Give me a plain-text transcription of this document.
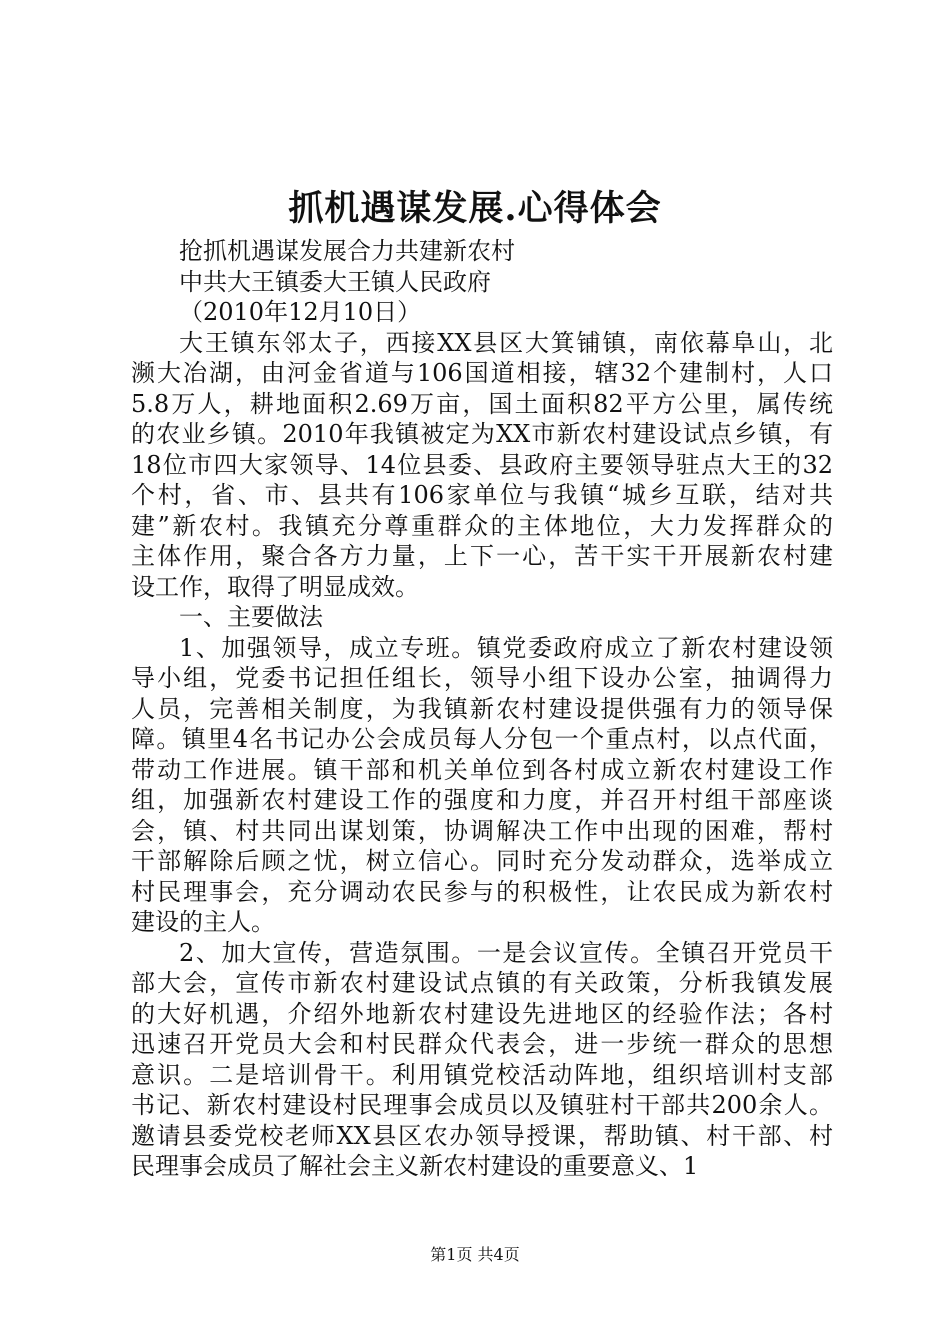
抓机遇谋发展.心得体会
抢抓机遇谋发展合力共建新农村
中共大王镇委大王镇人民政府
（2010年12月10日）
大王镇东邻太子，西接XX县区大箕铺镇，南依幕阜山，北
濒大冶湖，由河金省道与106国道相接，辖32个建制村，人口
5.8万人，耕地面积2.69万亩，国土面积82平方公里，属传统
的农业乡镇。2010年我镇被定为XX市新农村建设试点乡镇，有
18位市四大家领导、14位县委、县政府主要领导驻点大王的32
个村，省、市、县共有106家单位与我镇“城乡互联，结对共
建”新农村。我镇充分尊重群众的主体地位，大力发挥群众的
主体作用，聚合各方力量，上下一心，苦干实干开展新农村建
设工作，取得了明显成效。
一、主要做法
1、加强领导，成立专班。镇党委政府成立了新农村建设领
导小组，党委书记担任组长，领导小组下设办公室，抽调得力
人员，完善相关制度，为我镇新农村建设提供强有力的领导保
障。镇里4名书记办公会成员每人分包一个重点村，以点代面，
带动工作进展。镇干部和机关单位到各村成立新农村建设工作
组，加强新农村建设工作的强度和力度，并召开村组干部座谈
会，镇、村共同出谋划策，协调解决工作中出现的困难，帮村
干部解除后顾之忧，树立信心。同时充分发动群众，选举成立
村民理事会，充分调动农民参与的积极性，让农民成为新农村
建设的主人。
2、加大宣传，营造氛围。一是会议宣传。全镇召开党员干
部大会，宣传市新农村建设试点镇的有关政策，分析我镇发展
的大好机遇，介绍外地新农村建设先进地区的经验作法；各村
迅速召开党员大会和村民群众代表会，进一步统一群众的思想
意识。二是培训骨干。利用镇党校活动阵地，组织培训村支部
书记、新农村建设村民理事会成员以及镇驻村干部共200余人。
邀请县委党校老师XX县区农办领导授课，帮助镇、村干部、村
民理事会成员了解社会主义新农村建设的重要意义、1
第1页 共4页
